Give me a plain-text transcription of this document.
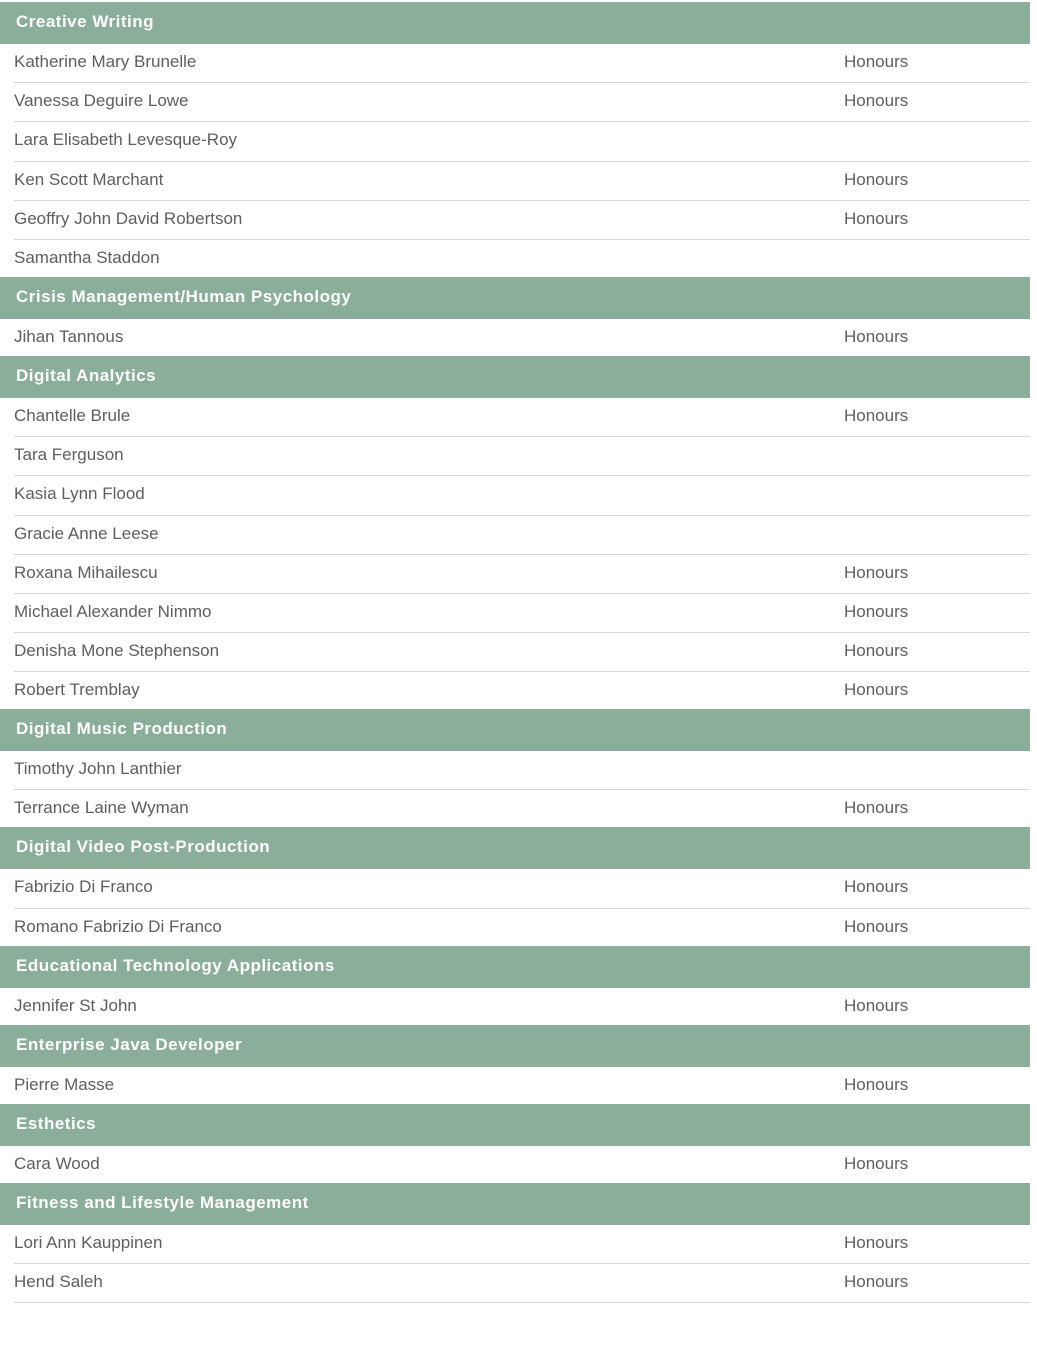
Creative Writing
Katherine Mary Brunelle	Honours
Vanessa Deguire Lowe	Honours
Lara Elisabeth Levesque-Roy
Ken Scott Marchant	Honours
Geoffry John David Robertson	Honours
Samantha Staddon
Crisis Management/Human Psychology
Jihan Tannous	Honours
Digital Analytics
Chantelle Brule	Honours
Tara Ferguson
Kasia Lynn Flood
Gracie Anne Leese
Roxana Mihailescu	Honours
Michael Alexander Nimmo	Honours
Denisha Mone Stephenson	Honours
Robert Tremblay	Honours
Digital Music Production
Timothy John Lanthier
Terrance Laine Wyman	Honours
Digital Video Post-Production
Fabrizio Di Franco	Honours
Romano Fabrizio Di Franco	Honours
Educational Technology Applications
Jennifer St John	Honours
Enterprise Java Developer
Pierre Masse	Honours
Esthetics
Cara Wood	Honours
Fitness and Lifestyle Management
Lori Ann Kauppinen	Honours
Hend Saleh	Honours
